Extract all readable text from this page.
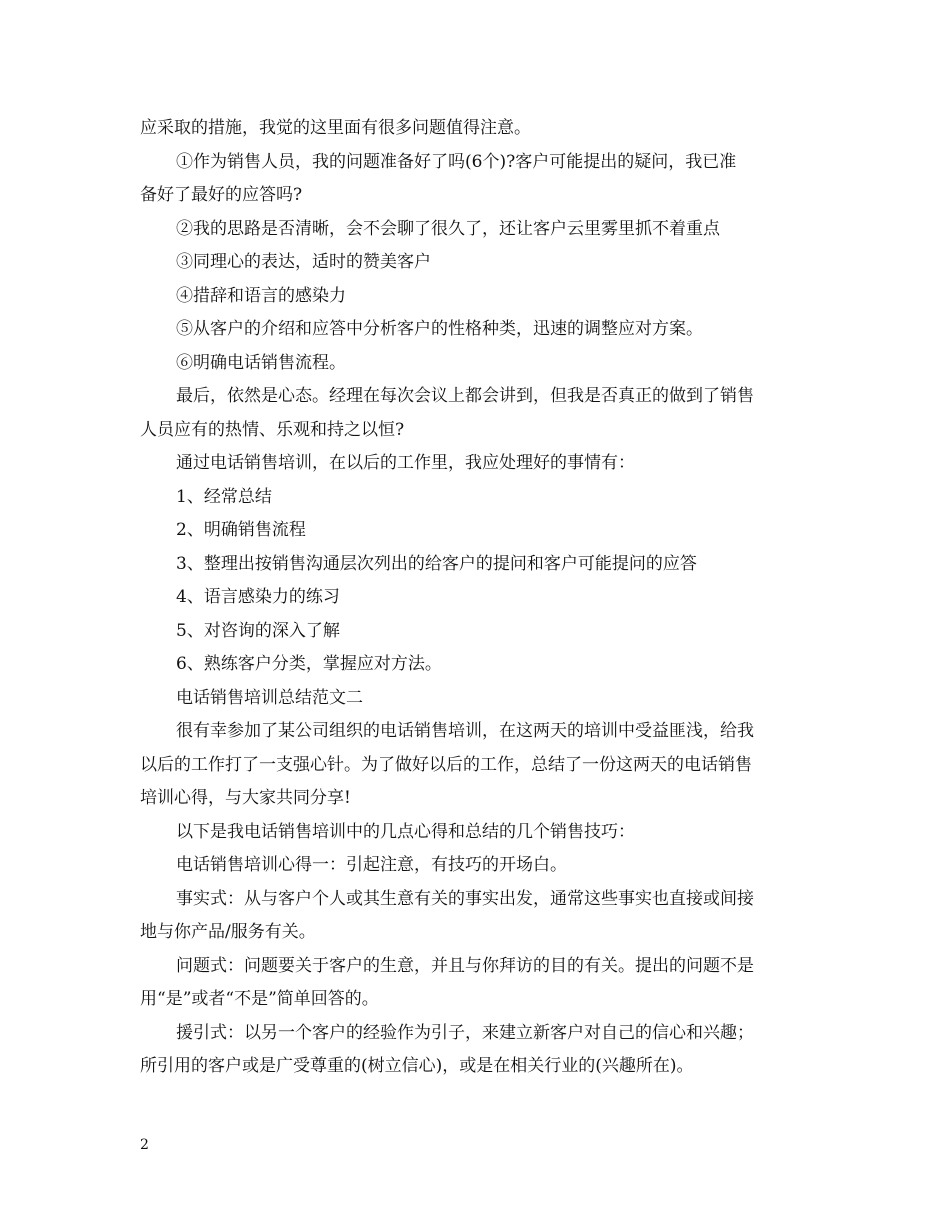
应采取的措施，我觉的这里面有很多问题值得注意。
①作为销售人员，我的问题准备好了吗(6个)?客户可能提出的疑问，我已准
备好了最好的应答吗?
②我的思路是否清晰，会不会聊了很久了，还让客户云里雾里抓不着重点
③同理心的表达，适时的赞美客户
④措辞和语言的感染力
⑤从客户的介绍和应答中分析客户的性格种类，迅速的调整应对方案。
⑥明确电话销售流程。
最后，依然是心态。经理在每次会议上都会讲到，但我是否真正的做到了销售
人员应有的热情、乐观和持之以恒?
通过电话销售培训，在以后的工作里，我应处理好的事情有：
1、经常总结
2、明确销售流程
3、整理出按销售沟通层次列出的给客户的提问和客户可能提问的应答
4、语言感染力的练习
5、对咨询的深入了解
6、熟练客户分类，掌握应对方法。
电话销售培训总结范文二
很有幸参加了某公司组织的电话销售培训，在这两天的培训中受益匪浅，给我
以后的工作打了一支强心针。为了做好以后的工作，总结了一份这两天的电话销售
培训心得，与大家共同分享!
以下是我电话销售培训中的几点心得和总结的几个销售技巧：
电话销售培训心得一：引起注意，有技巧的开场白。
事实式：从与客户个人或其生意有关的事实出发，通常这些事实也直接或间接
地与你产品/服务有关。
问题式：问题要关于客户的生意，并且与你拜访的目的有关。提出的问题不是
用“是”或者“不是”简单回答的。
援引式：以另一个客户的经验作为引子，来建立新客户对自己的信心和兴趣；
所引用的客户或是广受尊重的(树立信心)，或是在相关行业的(兴趣所在)。
2
